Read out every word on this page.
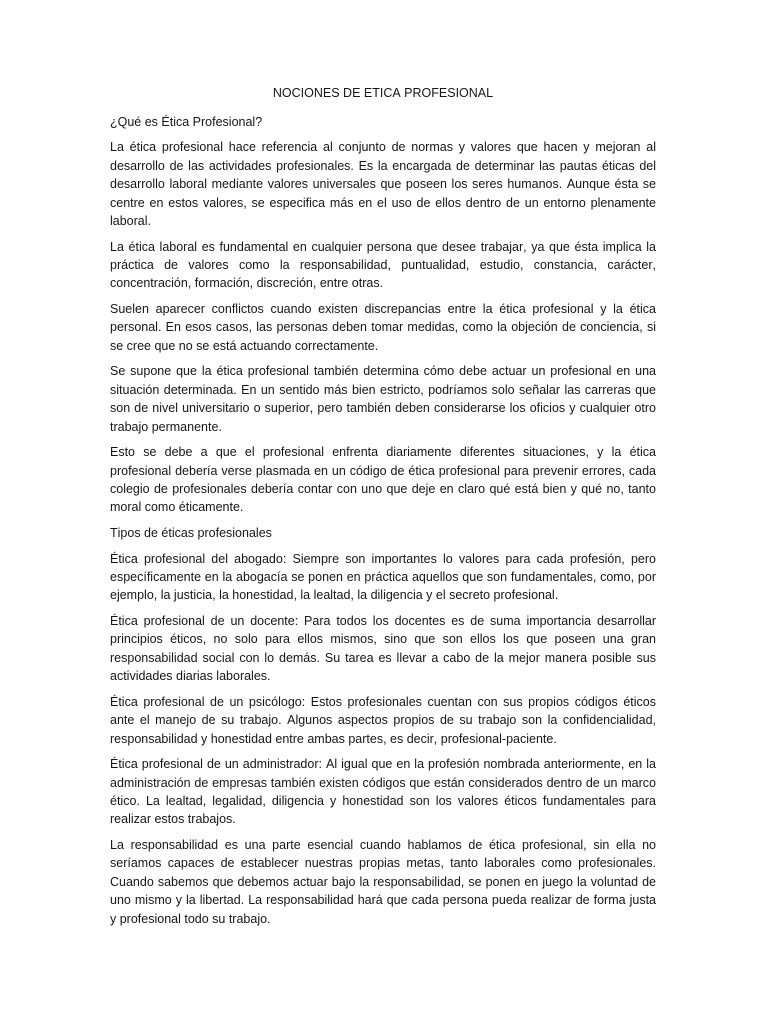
NOCIONES DE ETICA PROFESIONAL
¿Qué es Ética Profesional?

La ética profesional hace referencia al conjunto de normas y valores que hacen y mejoran al desarrollo de las actividades profesionales. Es la encargada de determinar las pautas éticas del desarrollo laboral mediante valores universales que poseen los seres humanos. Aunque ésta se centre en estos valores, se especifica más en el uso de ellos dentro de un entorno plenamente laboral.

La ética laboral es fundamental en cualquier persona que desee trabajar, ya que ésta implica la práctica de valores como la responsabilidad, puntualidad, estudio, constancia, carácter, concentración, formación, discreción, entre otras.

Suelen aparecer conflictos cuando existen discrepancias entre la ética profesional y la ética personal. En esos casos, las personas deben tomar medidas, como la objeción de conciencia, si se cree que no se está actuando correctamente.

Se supone que la ética profesional también determina cómo debe actuar un profesional en una situación determinada. En un sentido más bien estricto, podríamos solo señalar las carreras que son de nivel universitario o superior, pero también deben considerarse los oficios y cualquier otro trabajo permanente.

Esto se debe a que el profesional enfrenta diariamente diferentes situaciones, y la ética profesional debería verse plasmada en un código de ética profesional para prevenir errores, cada colegio de profesionales debería contar con uno que deje en claro qué está bien y qué no, tanto moral como éticamente.

Tipos de éticas profesionales

Ética profesional del abogado: Siempre son importantes lo valores para cada profesión, pero específicamente en la abogacía se ponen en práctica aquellos que son fundamentales, como, por ejemplo, la justicia, la honestidad, la lealtad, la diligencia y el secreto profesional.

Ética profesional de un docente: Para todos los docentes es de suma importancia desarrollar principios éticos, no solo para ellos mismos, sino que son ellos los que poseen una gran responsabilidad social con lo demás. Su tarea es llevar a cabo de la mejor manera posible sus actividades diarias laborales.

Ética profesional de un psicólogo: Estos profesionales cuentan con sus propios códigos éticos ante el manejo de su trabajo. Algunos aspectos propios de su trabajo son la confidencialidad, responsabilidad y honestidad entre ambas partes, es decir, profesional-paciente.

Ética profesional de un administrador: Al igual que en la profesión nombrada anteriormente, en la administración de empresas también existen códigos que están considerados dentro de un marco ético. La lealtad, legalidad, diligencia y honestidad son los valores éticos fundamentales para realizar estos trabajos.

La responsabilidad es una parte esencial cuando hablamos de ética profesional, sin ella no seríamos capaces de establecer nuestras propias metas, tanto laborales como profesionales. Cuando sabemos que debemos actuar bajo la responsabilidad, se ponen en juego la voluntad de uno mismo y la libertad. La responsabilidad hará que cada persona pueda realizar de forma justa y profesional todo su trabajo.
